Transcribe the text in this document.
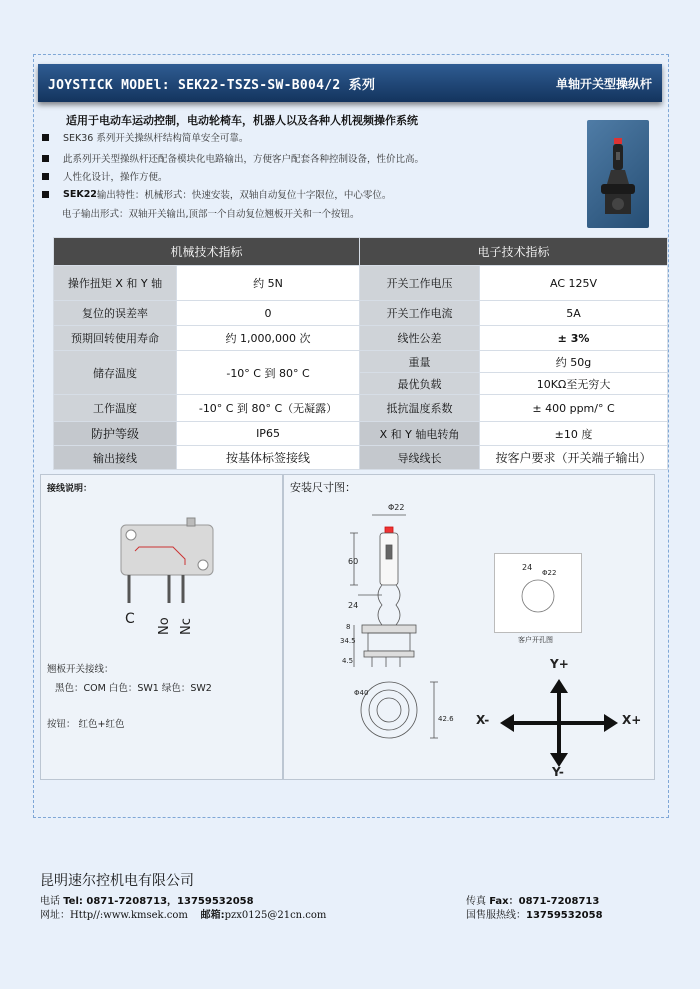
JOYSTICK MODEl: SEK22-TSZS-SW-B004/2 系列	单轴开关型操纵杆
适用于电动车运动控制，电动轮椅车，机器人以及各种人机视频操作系统
SEK36 系列开关操纵杆结构简单安全可靠。
此系列开关型操纵杆还配备模块化电路输出，方便客户配套各种控制设备，性价比高。
人性化设计，操作方便。
SEK22 输出特性：机械形式：快速安装，双轴自动复位十字限位，中心零位。
电子输出形式：双轴开关输出,顶部一个自动复位翘板开关和一个按钮。
机械技术指标		电子技术指标	
操作扭矩 X 和 Y 轴	约 5N	开关工作电压	AC 125V
复位的误差率	0	开关工作电流	5A
预期回转使用寿命	约 1,000,000 次	线性公差	± 3%
储存温度	-10° C 到 80° C	重量	约 50g
		最优负载	10KΩ至无穷大
工作温度	-10° C 到 80° C（无凝露）	抵抗温度系数	± 400 ppm/° C
防护等级	IP65	X 和 Y 轴电转角	±10 度
输出接线	按基体标签接线	导线线长	按客户要求（开关端子输出）
接线说明：
C No Nc
翘板开关接线：
黑色：COM 白色：SW1 绿色：SW2
按钮： 红色+红色
安装尺寸图：
Φ22
60
24
8
34.5
4.5
Φ40
42.6
24
Φ22
客户开孔图
Y+
Y-
X-	X+
昆明速尔控机电有限公司
电话 Tel: 0871-7208713，13759532058
网址：Http//:www.kmsek.com 邮箱:pzx0125@21cn.com
传真 Fax：0871-7208713
国售服热线：13759532058
